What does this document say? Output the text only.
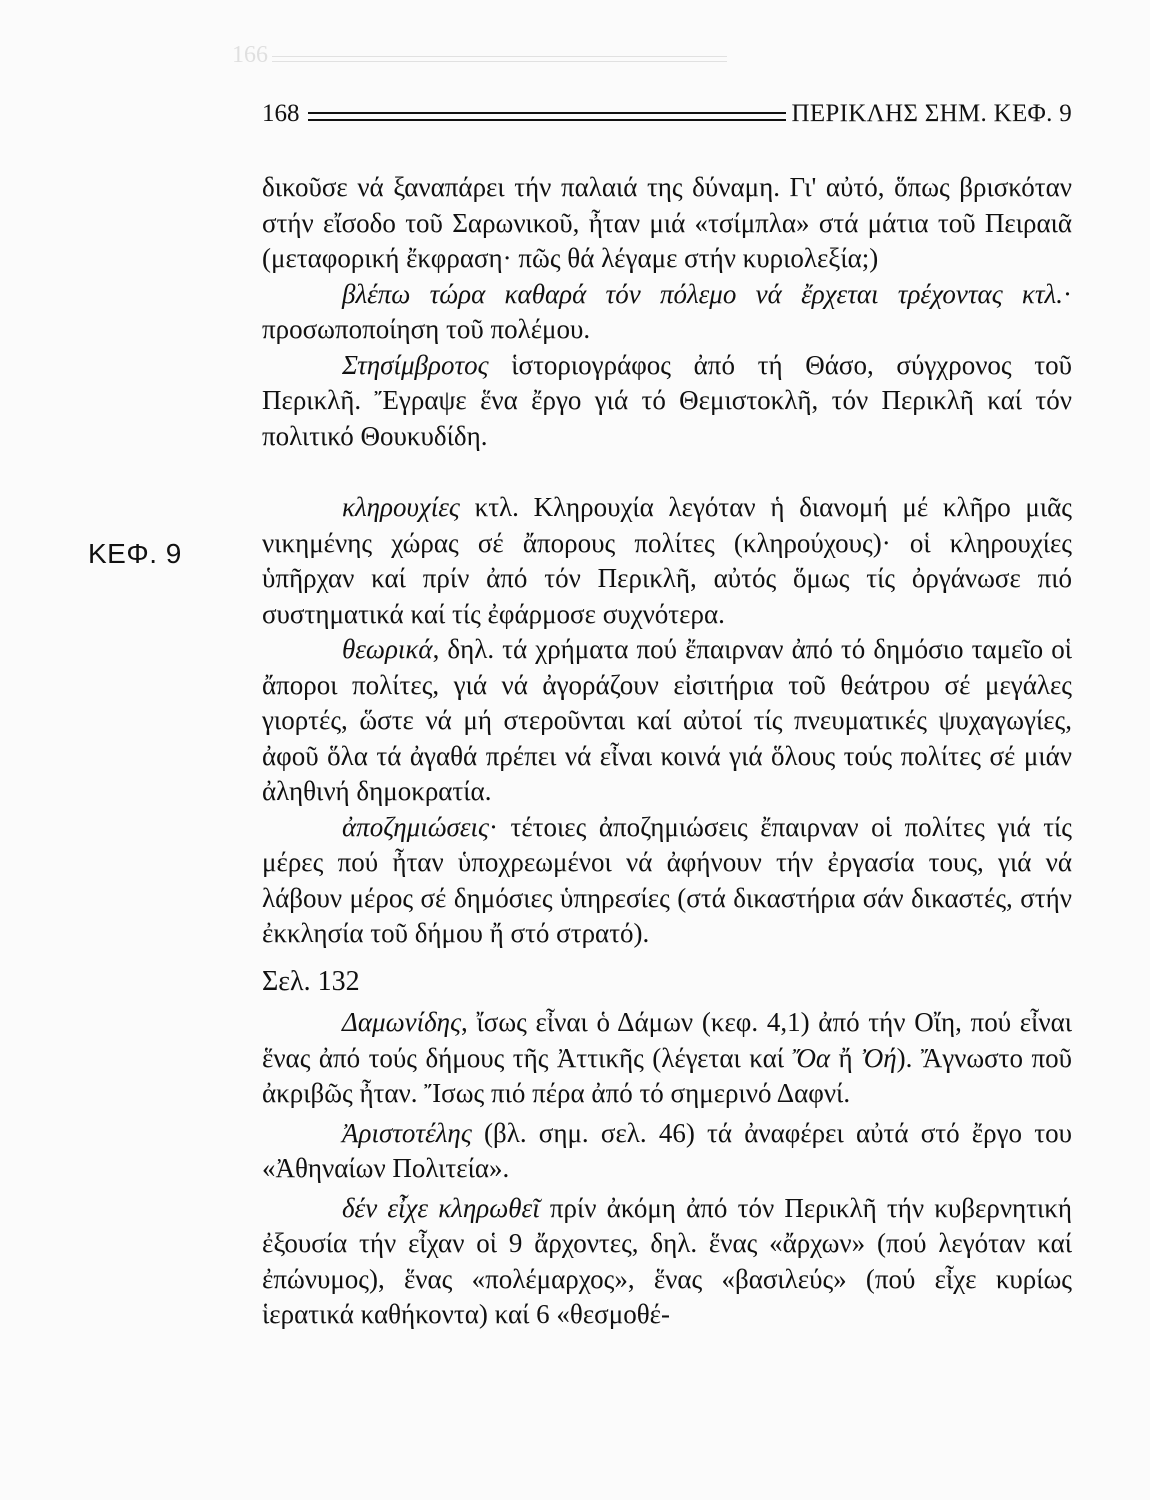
166
168	ΠΕΡΙΚΛΗΣ ΣΗΜ. ΚΕΦ. 9
ΚΕΦ. 9

δικοῦσε νά ξαναπάρει τήν παλαιά της δύναμη. Γι' αὐτό, ὅπως βρισκόταν στήν εἴσοδο τοῦ Σαρωνικοῦ, ἦταν μιά «τσίμπλα» στά μάτια τοῦ Πειραιᾶ (μεταφορική ἔκφραση· πῶς θά λέγαμε στήν κυριολεξία;)

βλέπω τώρα καθαρά τόν πόλεμο νά ἔρχεται τρέχοντας κτλ.· προσωποποίηση τοῦ πολέμου.

Στησίμβροτος ἱστοριογράφος ἀπό τή Θάσο, σύγχρονος τοῦ Περικλῆ. Ἔγραψε ἕνα ἔργο γιά τό Θεμιστοκλῆ, τόν Περικλῆ καί τόν πολιτικό Θουκυδίδη.

κληρουχίες κτλ. Κληρουχία λεγόταν ἡ διανομή μέ κλῆρο μιᾶς νικημένης χώρας σέ ἄπορους πολίτες (κληρούχους)· οἱ κληρουχίες ὑπῆρχαν καί πρίν ἀπό τόν Περικλῆ, αὐτός ὅμως τίς ὀργάνωσε πιό συστηματικά καί τίς ἐφάρμοσε συχνότερα.

θεωρικά, δηλ. τά χρήματα πού ἔπαιρναν ἀπό τό δημόσιο ταμεῖο οἱ ἄποροι πολίτες, γιά νά ἀγοράζουν εἰσιτήρια τοῦ θεάτρου σέ μεγάλες γιορτές, ὥστε νά μή στεροῦνται καί αὐτοί τίς πνευματικές ψυχαγωγίες, ἀφοῦ ὅλα τά ἀγαθά πρέπει νά εἶναι κοινά γιά ὅλους τούς πολίτες σέ μιάν ἀληθινή δημοκρατία.

ἀποζημιώσεις· τέτοιες ἀποζημιώσεις ἔπαιρναν οἱ πολίτες γιά τίς μέρες πού ἦταν ὑποχρεωμένοι νά ἀφήνουν τήν ἐργασία τους, γιά νά λάβουν μέρος σέ δημόσιες ὑπηρεσίες (στά δικαστήρια σάν δικαστές, στήν ἐκκλησία τοῦ δήμου ἤ στό στρατό).

Σελ. 132

Δαμωνίδης, ἴσως εἶναι ὁ Δάμων (κεφ. 4,1) ἀπό τήν Οἴη, πού εἶναι ἕνας ἀπό τούς δήμους τῆς Ἀττικῆς (λέγεται καί Ὄα ἤ Ὀή). Ἄγνωστο ποῦ ἀκριβῶς ἦταν. Ἴσως πιό πέρα ἀπό τό σημερινό Δαφνί.

Ἀριστοτέλης (βλ. σημ. σελ. 46) τά ἀναφέρει αὐτά στό ἔργο του «Ἀθηναίων Πολιτεία».

δέν εἶχε κληρωθεῖ πρίν ἀκόμη ἀπό τόν Περικλῆ τήν κυβερνητική ἐξουσία τήν εἶχαν οἱ 9 ἄρχοντες, δηλ. ἕνας «ἄρχων» (πού λεγόταν καί ἐπώνυμος), ἕνας «πολέμαρχος», ἕνας «βασιλεύς» (πού εἶχε κυρίως ἱερατικά καθήκοντα) καί 6 «θεσμοθέ-
